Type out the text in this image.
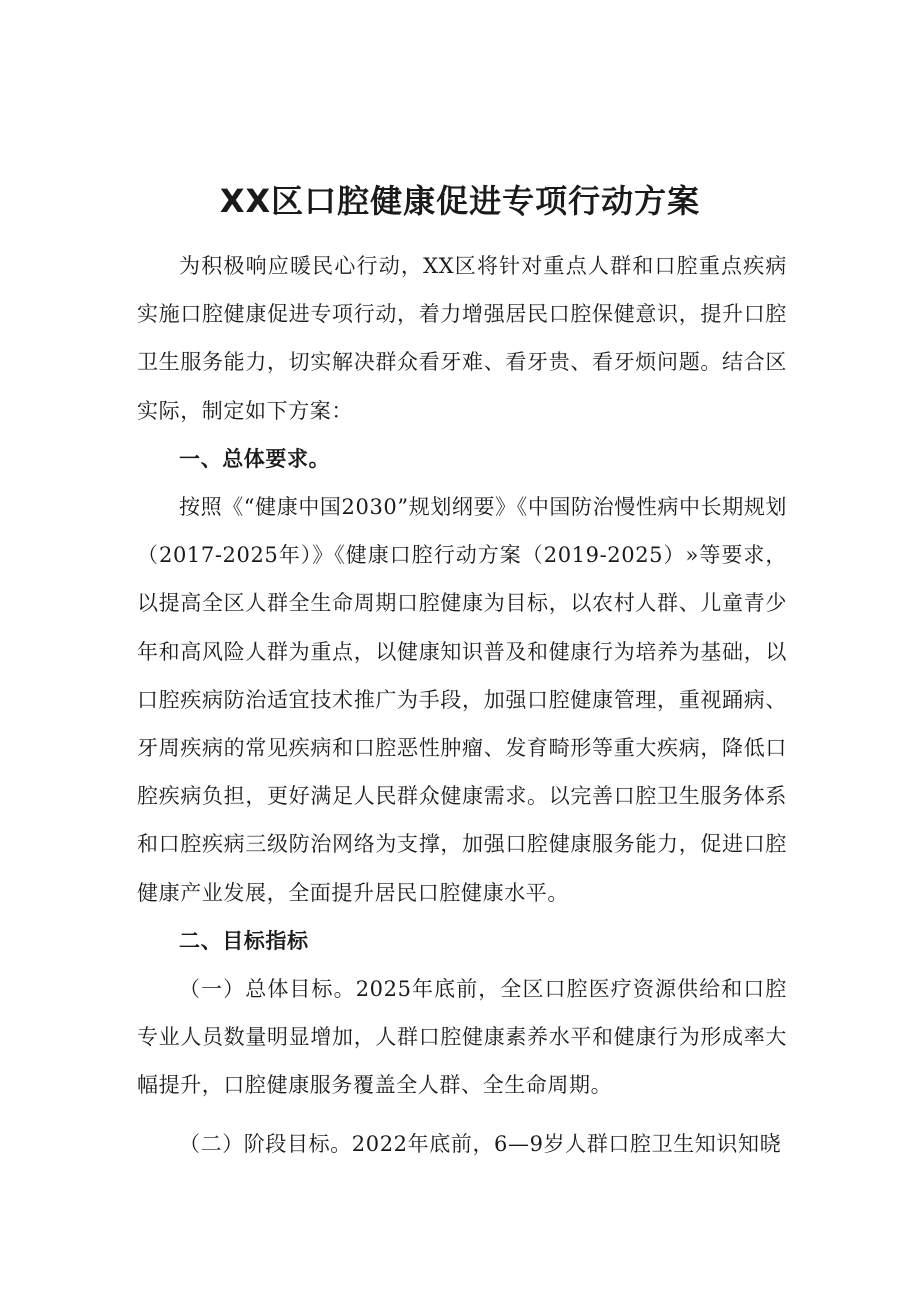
XX区口腔健康促进专项行动方案

为积极响应暖民心行动，XX区将针对重点人群和口腔重点疾病实施口腔健康促进专项行动，着力增强居民口腔保健意识，提升口腔卫生服务能力，切实解决群众看牙难、看牙贵、看牙烦问题。结合区实际，制定如下方案：

一、总体要求。

按照《“健康中国2030”规划纲要》《中国防治慢性病中长期规划（2017-2025年）》《健康口腔行动方案（2019-2025）»等要求，以提高全区人群全生命周期口腔健康为目标，以农村人群、儿童青少年和高风险人群为重点，以健康知识普及和健康行为培养为基础，以口腔疾病防治适宜技术推广为手段，加强口腔健康管理，重视踊病、牙周疾病的常见疾病和口腔恶性肿瘤、发育畸形等重大疾病，降低口腔疾病负担，更好满足人民群众健康需求。以完善口腔卫生服务体系和口腔疾病三级防治网络为支撑，加强口腔健康服务能力，促进口腔健康产业发展，全面提升居民口腔健康水平。

二、目标指标

（一）总体目标。2025年底前，全区口腔医疗资源供给和口腔专业人员数量明显增加，人群口腔健康素养水平和健康行为形成率大幅提升，口腔健康服务覆盖全人群、全生命周期。

（二）阶段目标。2022年底前，6—9岁人群口腔卫生知识知晓
